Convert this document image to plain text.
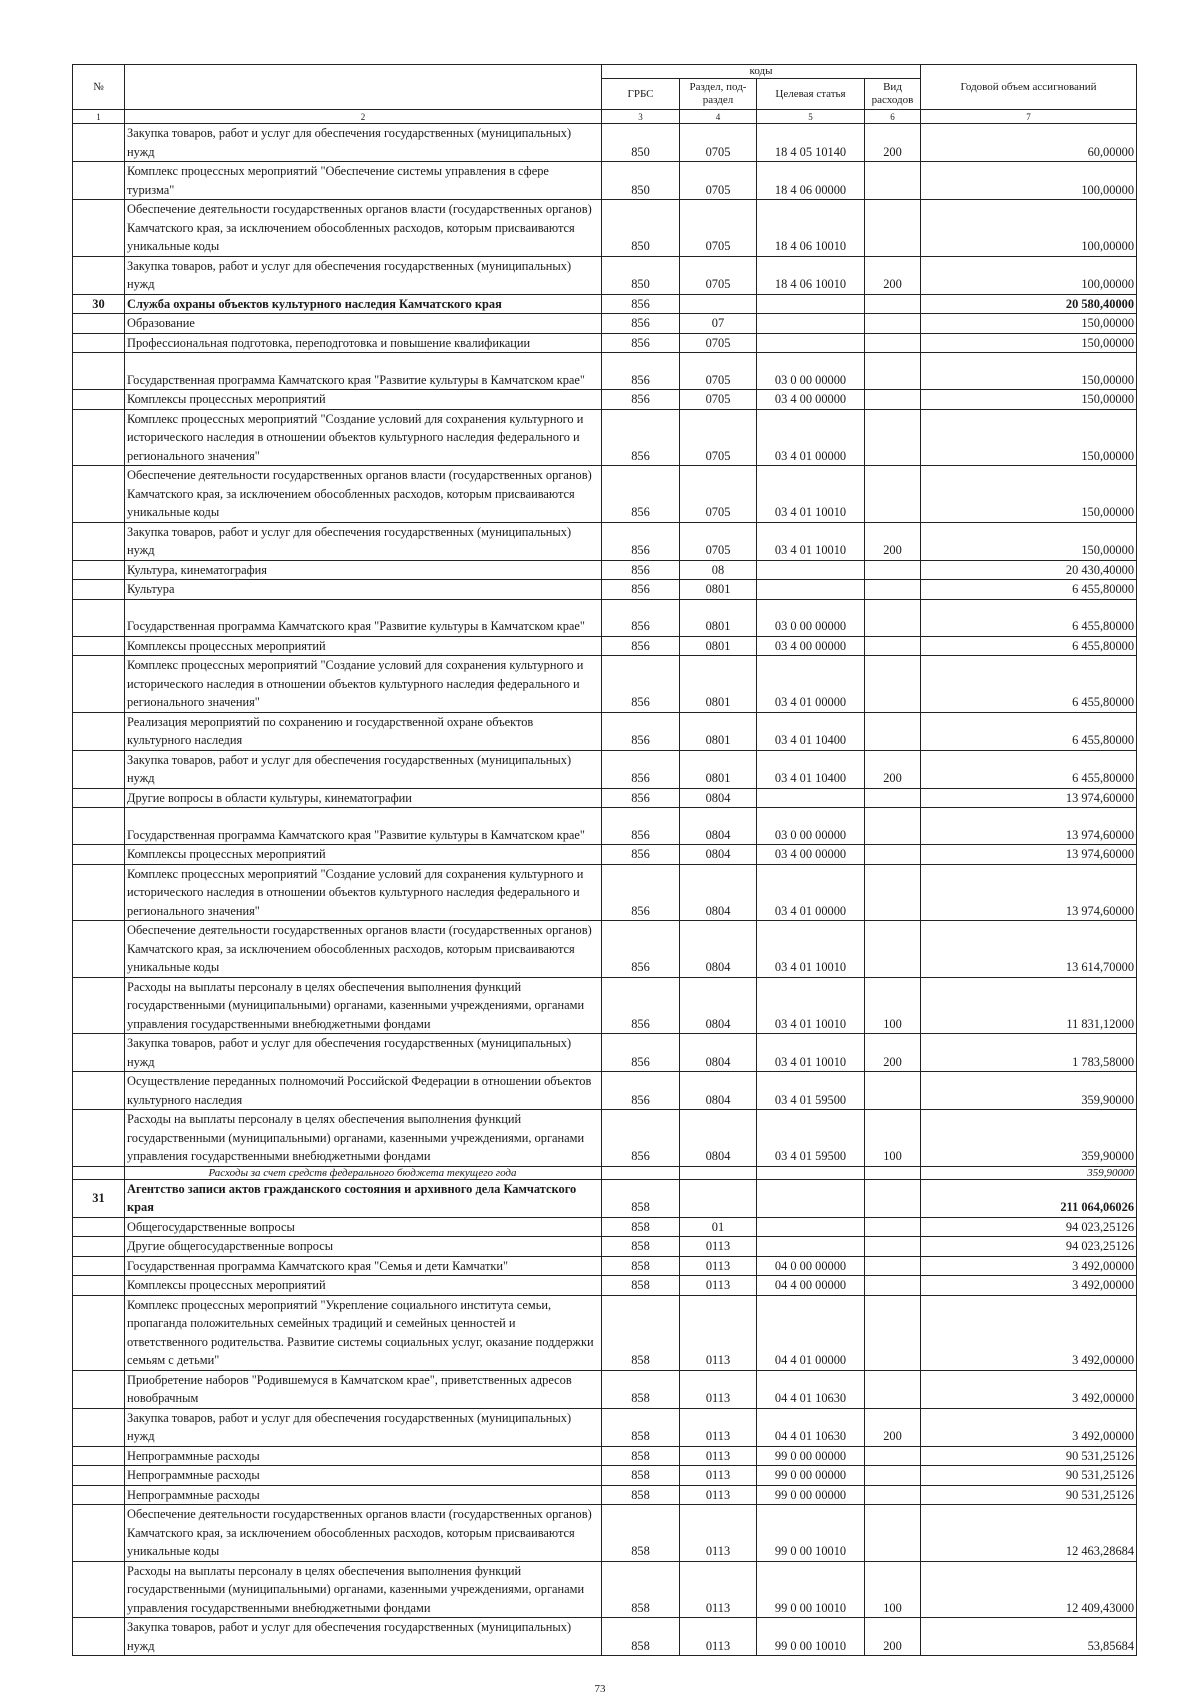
№		коды				Годовой объем ассигнований
		ГРБС	Раздел, под-раздел	Целевая статья	Вид расходов	
1	2	3	4	5	6	7
	Закупка товаров, работ и услуг для обеспечения государственных (муниципальных) нужд	850	0705	18 4 05 10140	200	60,00000
	Комплекс процессных мероприятий "Обеспечение системы управления в сфере туризма"	850	0705	18 4 06 00000		100,00000
	Обеспечение деятельности государственных органов власти (государственных органов) Камчатского края, за исключением обособленных расходов, которым присваиваются уникальные коды	850	0705	18 4 06 10010		100,00000
	Закупка товаров, работ и услуг для обеспечения государственных (муниципальных) нужд	850	0705	18 4 06 10010	200	100,00000
30	Служба охраны объектов культурного наследия Камчатского края	856				20 580,40000
	Образование	856	07			150,00000
	Профессиональная подготовка, переподготовка и повышение квалификации	856	0705			150,00000
	Государственная программа Камчатского края "Развитие культуры в Камчатском крае"	856	0705	03 0 00 00000		150,00000
	Комплексы процессных мероприятий	856	0705	03 4 00 00000		150,00000
	Комплекс процессных мероприятий "Создание условий для сохранения культурного и исторического наследия в отношении объектов культурного наследия федерального и регионального значения"	856	0705	03 4 01 00000		150,00000
	Обеспечение деятельности государственных органов власти (государственных органов) Камчатского края, за исключением обособленных расходов, которым присваиваются уникальные коды	856	0705	03 4 01 10010		150,00000
	Закупка товаров, работ и услуг для обеспечения государственных (муниципальных) нужд	856	0705	03 4 01 10010	200	150,00000
	Культура, кинематография	856	08			20 430,40000
	Культура	856	0801			6 455,80000
	Государственная программа Камчатского края "Развитие культуры в Камчатском крае"	856	0801	03 0 00 00000		6 455,80000
	Комплексы процессных мероприятий	856	0801	03 4 00 00000		6 455,80000
	Комплекс процессных мероприятий "Создание условий для сохранения культурного и исторического наследия в отношении объектов культурного наследия федерального и регионального значения"	856	0801	03 4 01 00000		6 455,80000
	Реализация мероприятий по сохранению и государственной охране объектов культурного наследия	856	0801	03 4 01 10400		6 455,80000
	Закупка товаров, работ и услуг для обеспечения государственных (муниципальных) нужд	856	0801	03 4 01 10400	200	6 455,80000
	Другие вопросы в области культуры, кинематографии	856	0804			13 974,60000
	Государственная программа Камчатского края "Развитие культуры в Камчатском крае"	856	0804	03 0 00 00000		13 974,60000
	Комплексы процессных мероприятий	856	0804	03 4 00 00000		13 974,60000
	Комплекс процессных мероприятий "Создание условий для сохранения культурного и исторического наследия в отношении объектов культурного наследия федерального и регионального значения"	856	0804	03 4 01 00000		13 974,60000
	Обеспечение деятельности государственных органов власти (государственных органов) Камчатского края, за исключением обособленных расходов, которым присваиваются уникальные коды	856	0804	03 4 01 10010		13 614,70000
	Расходы на выплаты персоналу в целях обеспечения выполнения функций государственными (муниципальными) органами, казенными учреждениями, органами управления государственными внебюджетными фондами	856	0804	03 4 01 10010	100	11 831,12000
	Закупка товаров, работ и услуг для обеспечения государственных (муниципальных) нужд	856	0804	03 4 01 10010	200	1 783,58000
	Осуществление переданных полномочий Российской Федерации в отношении объектов культурного наследия	856	0804	03 4 01 59500		359,90000
	Расходы на выплаты персоналу в целях обеспечения выполнения функций государственными (муниципальными) органами, казенными учреждениями, органами управления государственными внебюджетными фондами	856	0804	03 4 01 59500	100	359,90000
	Расходы за счет средств федерального бюджета текущего года					359,90000
31	Агентство записи актов гражданского состояния и архивного дела Камчатского края	858				211 064,06026
	Общегосударственные вопросы	858	01			94 023,25126
	Другие общегосударственные вопросы	858	0113			94 023,25126
	Государственная программа Камчатского края "Семья и дети Камчатки"	858	0113	04 0 00 00000		3 492,00000
	Комплексы процессных мероприятий	858	0113	04 4 00 00000		3 492,00000
	Комплекс процессных мероприятий "Укрепление социального института семьи, пропаганда положительных семейных традиций и семейных ценностей и ответственного родительства. Развитие системы социальных услуг, оказание поддержки семьям с детьми"	858	0113	04 4 01 00000		3 492,00000
	Приобретение наборов "Родившемуся в Камчатском крае", приветственных адресов новобрачным	858	0113	04 4 01 10630		3 492,00000
	Закупка товаров, работ и услуг для обеспечения государственных (муниципальных) нужд	858	0113	04 4 01 10630	200	3 492,00000
	Непрограммные расходы	858	0113	99 0 00 00000		90 531,25126
	Непрограммные расходы	858	0113	99 0 00 00000		90 531,25126
	Непрограммные расходы	858	0113	99 0 00 00000		90 531,25126
	Обеспечение деятельности государственных органов власти (государственных органов) Камчатского края, за исключением обособленных расходов, которым присваиваются уникальные коды	858	0113	99 0 00 10010		12 463,28684
	Расходы на выплаты персоналу в целях обеспечения выполнения функций государственными (муниципальными) органами, казенными учреждениями, органами управления государственными внебюджетными фондами	858	0113	99 0 00 10010	100	12 409,43000
	Закупка товаров, работ и услуг для обеспечения государственных (муниципальных) нужд	858	0113	99 0 00 10010	200	53,85684
73
